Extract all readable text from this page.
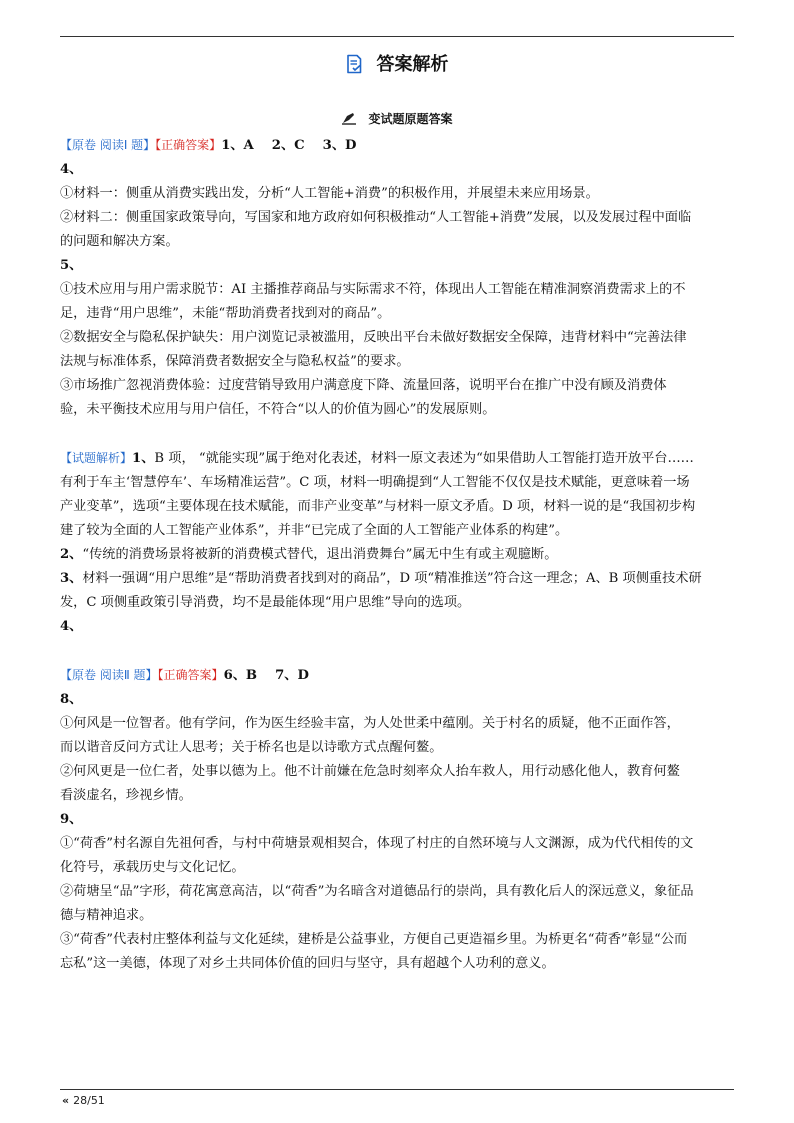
答案解析
变试题原题答案
【原卷 阅读Ⅰ 题】【正确答案】1、A 2、C 3、D
4、
①材料一：侧重从消费实践出发，分析“人工智能+消费”的积极作用，并展望未来应用场景。
②材料二：侧重国家政策导向，写国家和地方政府如何积极推动“人工智能+消费”发展，以及发展过程中面临
的问题和解决方案。
5、
①技术应用与用户需求脱节：AI 主播推荐商品与实际需求不符，体现出人工智能在精准洞察消费需求上的不
足，违背“用户思维”，未能“帮助消费者找到对的商品”。
②数据安全与隐私保护缺失：用户浏览记录被滥用，反映出平台未做好数据安全保障，违背材料中“完善法律
法规与标准体系，保障消费者数据安全与隐私权益”的要求。
③市场推广忽视消费体验：过度营销导致用户满意度下降、流量回落，说明平台在推广中没有顾及消费体
验，未平衡技术应用与用户信任，不符合“以人的价值为圆心”的发展原则。
【试题解析】1、B 项， “就能实现”属于绝对化表述，材料一原文表述为“如果借助人工智能打造开放平台……
有利于车主‘智慧停车’、车场精准运营”。C 项，材料一明确提到“人工智能不仅仅是技术赋能，更意味着一场
产业变革”，选项“主要体现在技术赋能，而非产业变革”与材料一原文矛盾。D 项，材料一说的是“我国初步构
建了较为全面的人工智能产业体系”，并非“已完成了全面的人工智能产业体系的构建”。
2、“传统的消费场景将被新的消费模式替代，退出消费舞台”属无中生有或主观臆断。
3、材料一强调“用户思维”是“帮助消费者找到对的商品”，D 项“精准推送”符合这一理念；A、B 项侧重技术研
发，C 项侧重政策引导消费，均不是最能体现“用户思维”导向的选项。
4、
【原卷 阅读Ⅱ 题】【正确答案】6、B 7、D
8、
①何风是一位智者。他有学问，作为医生经验丰富，为人处世柔中蕴刚。关于村名的质疑，他不正面作答，
而以谐音反问方式让人思考；关于桥名也是以诗歌方式点醒何鳌。
②何风更是一位仁者，处事以德为上。他不计前嫌在危急时刻率众人抬车救人，用行动感化他人，教育何鳌
看淡虚名，珍视乡情。
9、
①“荷香”村名源自先祖何香，与村中荷塘景观相契合，体现了村庄的自然环境与人文渊源，成为代代相传的文
化符号，承载历史与文化记忆。
②荷塘呈“品”字形，荷花寓意高洁，以“荷香”为名暗含对道德品行的崇尚，具有教化后人的深远意义，象征品
德与精神追求。
③“荷香”代表村庄整体利益与文化延续，建桥是公益事业，方便自己更造福乡里。为桥更名“荷香”彰显“公而
忘私”这一美德，体现了对乡土共同体价值的回归与坚守，具有超越个人功利的意义。
« 28/51
